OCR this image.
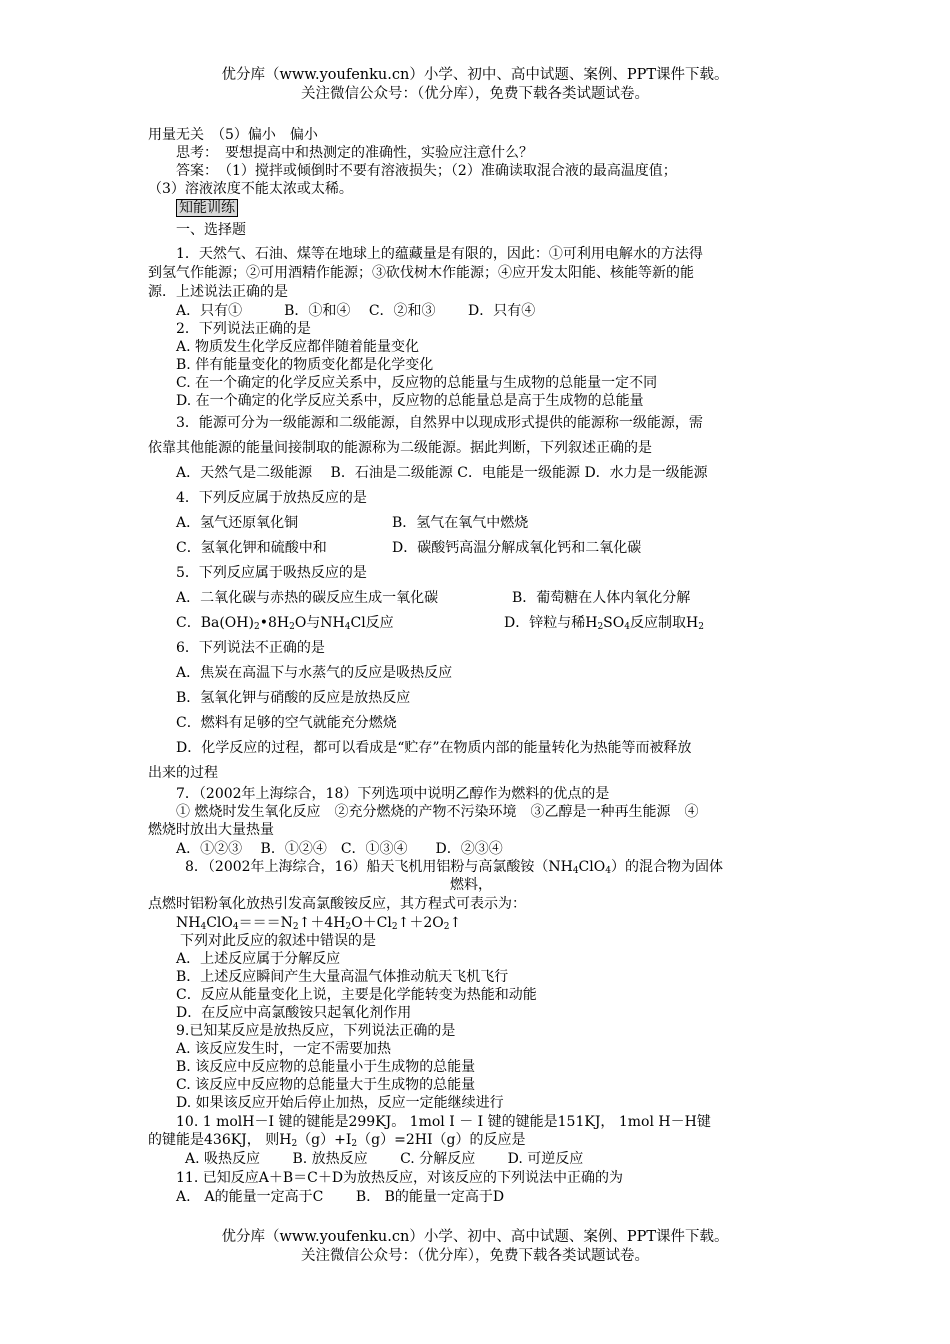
优分库（www.youfenku.cn）小学、初中、高中试题、案例、PPT课件下载。
关注微信公众号：（优分库），免费下载各类试题试卷。
用量无关　（5）偏小　偏小
思考：　要想提高中和热测定的准确性，实验应注意什么？
答案：　（1）搅拌或倾倒时不要有溶液损失；（2）准确读取混合液的最高温度值；
（3）溶液浓度不能太浓或太稀。
知能训练
一、选择题
1．天然气、石油、煤等在地球上的蕴藏量是有限的，因此：①可利用电解水的方法得
到氢气作能源；②可用酒精作能源；③砍伐树木作能源；④应开发太阳能、核能等新的能
源．上述说法正确的是
A．只有①　　　B．①和④　 C．②和③　　 D．只有④
2．下列说法正确的是
A. 物质发生化学反应都伴随着能量变化
B. 伴有能量变化的物质变化都是化学变化
C. 在一个确定的化学反应关系中，反应物的总能量与生成物的总能量一定不同
D. 在一个确定的化学反应关系中，反应物的总能量总是高于生成物的总能量
3．能源可分为一级能源和二级能源，自然界中以现成形式提供的能源称一级能源，需
依靠其他能源的能量间接制取的能源称为二级能源。据此判断，下列叙述正确的是
A．天然气是二级能源　 B．石油是二级能源 C．电能是一级能源 D．水力是一级能源
4．下列反应属于放热反应的是
A．氢气还原氧化铜	B．氢气在氧气中燃烧
C．氢氧化钾和硫酸中和	D．碳酸钙高温分解成氧化钙和二氧化碳
5．下列反应属于吸热反应的是
A．二氧化碳与赤热的碳反应生成一氧化碳	B．葡萄糖在人体内氧化分解
C．$Ba(OH)_2•8H_2O$与$NH_4Cl$反应	D．锌粒与稀$H_2SO_4$反应制取$H_2$
6．下列说法不正确的是
A．焦炭在高温下与水蒸气的反应是吸热反应
B．氢氧化钾与硝酸的反应是放热反应
C．燃料有足够的空气就能充分燃烧
D．化学反应的过程，都可以看成是“贮存”在物质内部的能量转化为热能等而被释放
出来的过程
7．（2002年上海综合，18）下列选项中说明乙醇作为燃料的优点的是
① 燃烧时发生氧化反应　②充分燃烧的产物不污染环境　③乙醇是一种再生能源　④
燃烧时放出大量热量
A．①②③　 B．①②④　C．①③④　　D．②③④
8．（2002年上海综合，16）船天飞机用铝粉与高氯酸铵$(NH_4ClO_4)$的混合物为固体
燃料，
点燃时铝粉氧化放热引发高氯酸铵反应，其方程式可表示为：
$NH_4ClO_4===N_2↑+4H_2O+Cl_2↑+2O_2↑$
下列对此反应的叙述中错误的是
A．上述反应属于分解反应
B．上述反应瞬间产生大量高温气体推动航天飞机飞行
C．反应从能量变化上说，主要是化学能转变为热能和动能
D．在反应中高氯酸铵只起氧化剂作用
9.已知某反应是放热反应，下列说法正确的是
A. 该反应发生时，一定不需要加热
B. 该反应中反应物的总能量小于生成物的总能量
C. 该反应中反应物的总能量大于生成物的总能量
D. 如果该反应开始后停止加热，反应一定能继续进行
10. 1 molH－I 键的键能是299KJ。 1mol I － I 键的键能是151KJ， 1mol H－H键
的键能是436KJ， 则$H_2(g)+I_2(g)=2HI(g)$的反应是
A. 吸热反应　　 B. 放热反应　　 C. 分解反应　　 D. 可逆反应
11. 已知反应A＋B＝C＋D为放热反应，对该反应的下列说法中正确的为
A.　A的能量一定高于C　　 B.　B的能量一定高于D
优分库（www.youfenku.cn）小学、初中、高中试题、案例、PPT课件下载。
关注微信公众号：（优分库），免费下载各类试题试卷。
